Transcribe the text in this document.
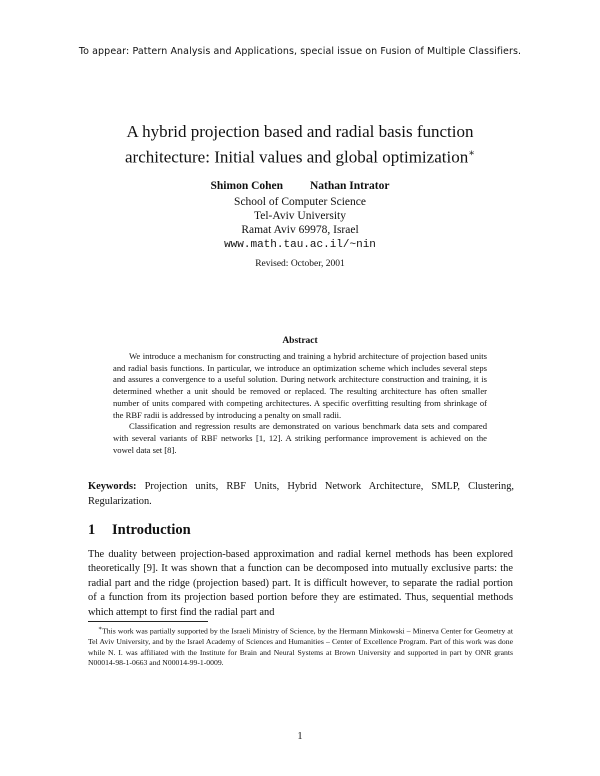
To appear: Pattern Analysis and Applications, special issue on Fusion of Multiple Classifiers.
A hybrid projection based and radial basis function
architecture: Initial values and global optimization∗
Shimon Cohen Nathan Intrator
School of Computer Science
Tel-Aviv University
Ramat Aviv 69978, Israel
www.math.tau.ac.il/~nin
Revised: October, 2001
Abstract

We introduce a mechanism for constructing and training a hybrid architecture of projection based units and radial basis functions. In particular, we introduce an optimization scheme which includes several steps and assures a convergence to a useful solution. During network architecture construction and training, it is determined whether a unit should be removed or replaced. The resulting architecture has often smaller number of units compared with competing architectures. A specific overfitting resulting from shrinkage of the RBF radii is addressed by introducing a penalty on small radii.

Classification and regression results are demonstrated on various benchmark data sets and compared with several variants of RBF networks [1, 12]. A striking performance improvement is achieved on the vowel data set [8].

Keywords: Projection units, RBF Units, Hybrid Network Architecture, SMLP, Clustering, Regularization.
1 Introduction

The duality between projection-based approximation and radial kernel methods has been explored theoretically [9]. It was shown that a function can be decomposed into mutually exclusive parts: the radial part and the ridge (projection based) part. It is difficult however, to separate the radial portion of a function from its projection based portion before they are estimated. Thus, sequential methods which attempt to first find the radial part and

∗This work was partially supported by the Israeli Ministry of Science, by the Hermann Minkowski – Minerva Center for Geometry at Tel Aviv University, and by the Israel Academy of Sciences and Humanities – Center of Excellence Program. Part of this work was done while N. I. was affiliated with the Institute for Brain and Neural Systems at Brown University and supported in part by ONR grants N00014-98-1-0663 and N00014-99-1-0009.

1
